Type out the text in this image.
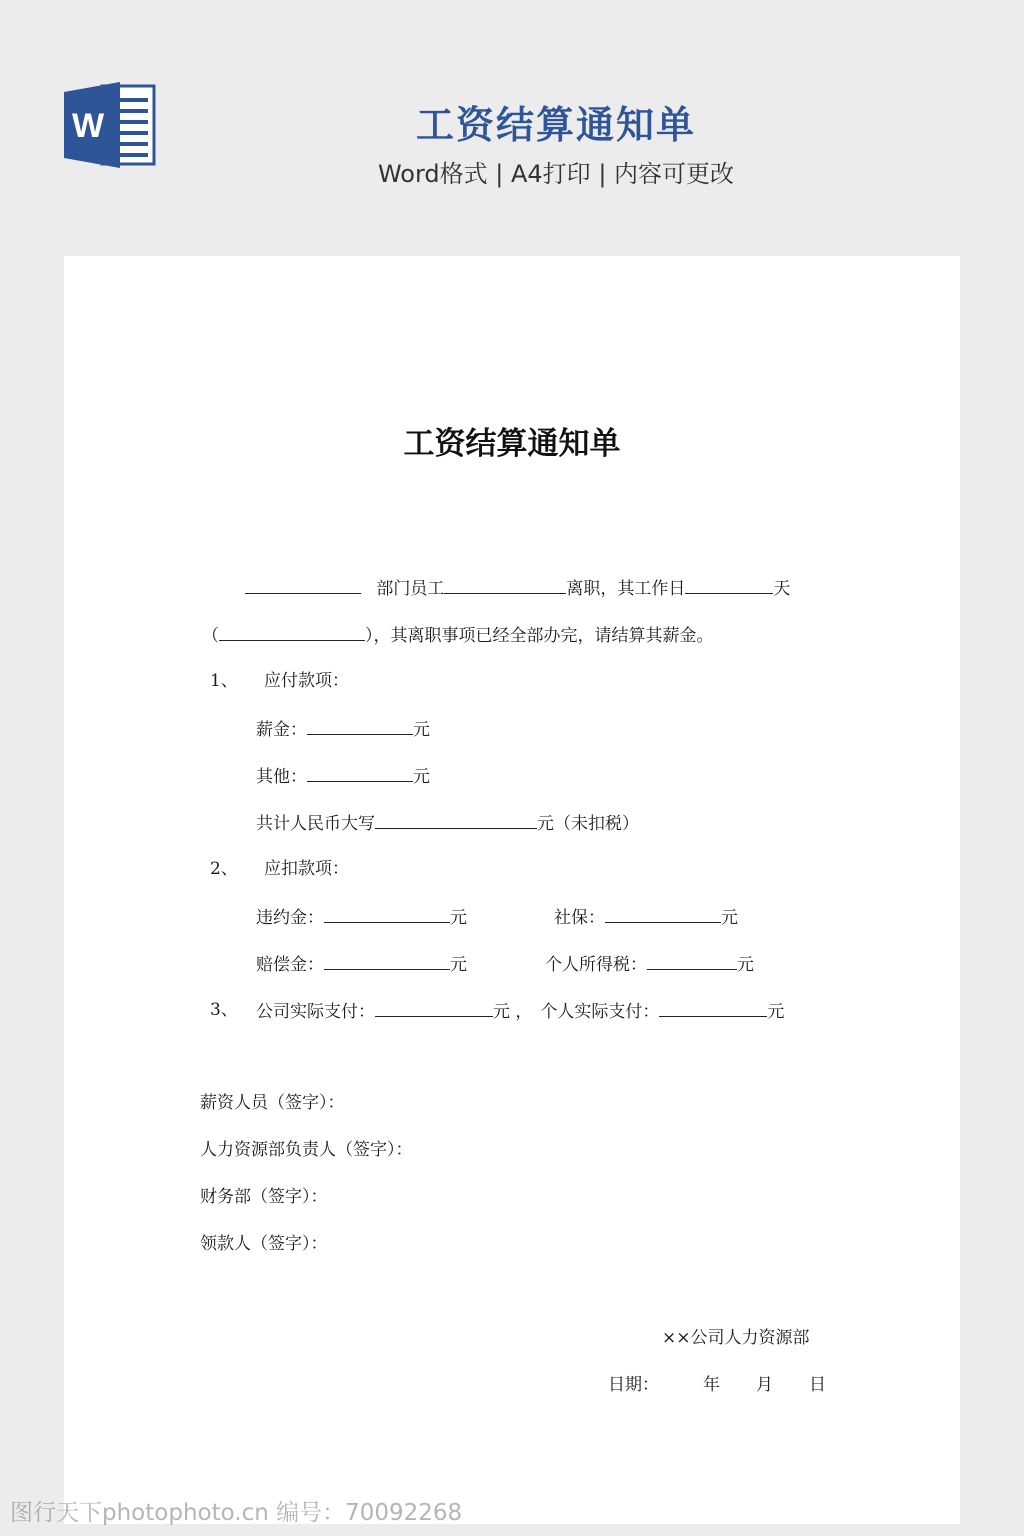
W	工资结算通知单
Word格式 | A4打印 | 内容可更改
工资结算通知单
部门员工	离职，其工作日	天
（	），其离职事项已经全部办完，请结算其薪金。
1、 应付款项：
薪金：	元
其他：	元
共计人民币大写	元（未扣税）
2、 应扣款项：
违约金：	元	社保：	元
赔偿金：	元	个人所得税：	元
3、 公司实际支付：	元 ， 个人实际支付：	元
薪资人员（签字）：
人力资源部负责人（签字）：
财务部（签字）：
领款人（签字）：
××公司人力资源部
日期：	年 月 日
图行天下photophoto.cn 编号：70092268
